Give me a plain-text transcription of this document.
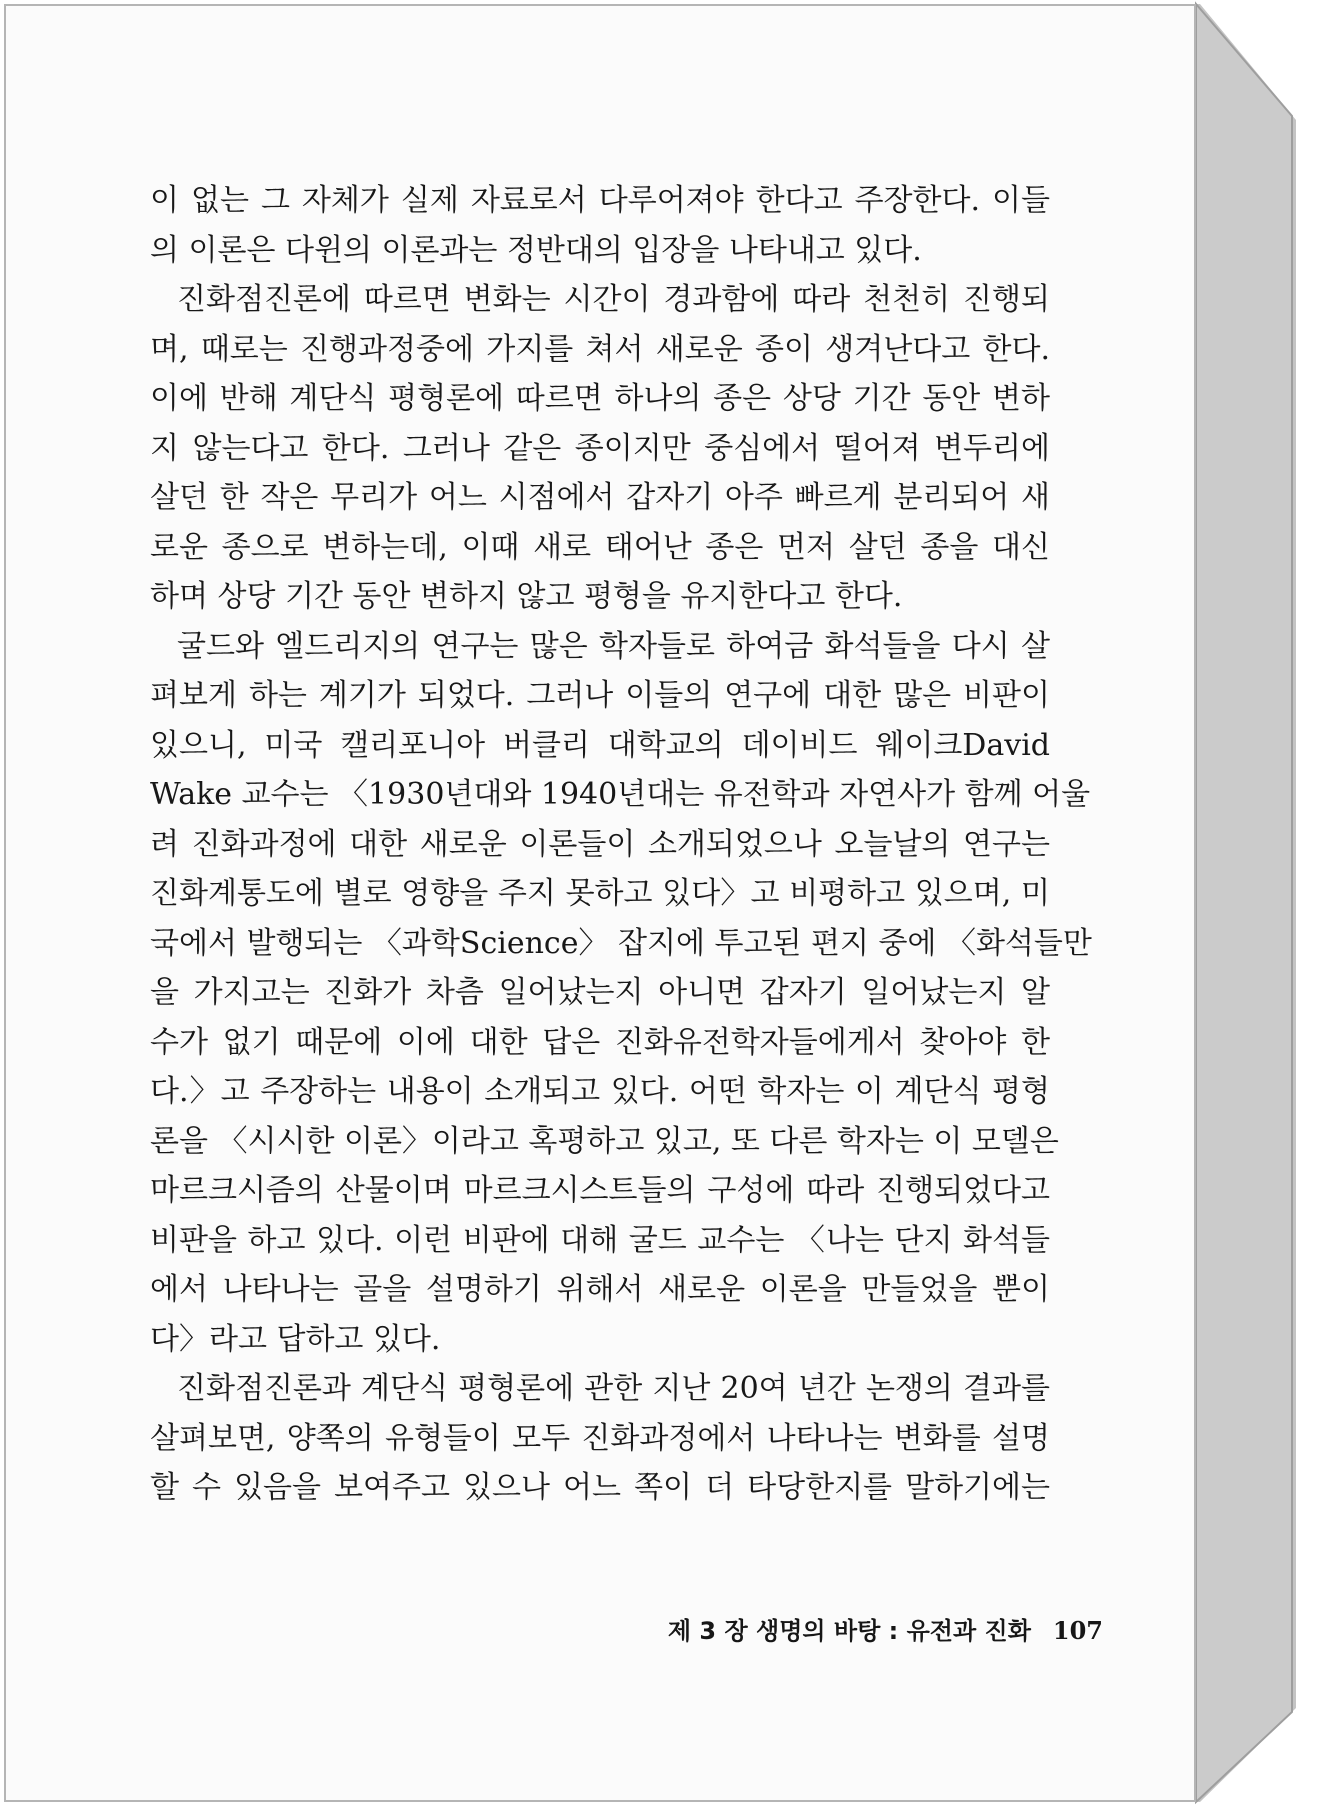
이 없는 그 자체가 실제 자료로서 다루어져야 한다고 주장한다. 이들
의 이론은 다윈의 이론과는 정반대의 입장을 나타내고 있다.
진화점진론에 따르면 변화는 시간이 경과함에 따라 천천히 진행되
며, 때로는 진행과정중에 가지를 쳐서 새로운 종이 생겨난다고 한다.
이에 반해 계단식 평형론에 따르면 하나의 종은 상당 기간 동안 변하
지 않는다고 한다. 그러나 같은 종이지만 중심에서 떨어져 변두리에
살던 한 작은 무리가 어느 시점에서 갑자기 아주 빠르게 분리되어 새
로운 종으로 변하는데, 이때 새로 태어난 종은 먼저 살던 종을 대신
하며 상당 기간 동안 변하지 않고 평형을 유지한다고 한다.
굴드와 엘드리지의 연구는 많은 학자들로 하여금 화석들을 다시 살
펴보게 하는 계기가 되었다. 그러나 이들의 연구에 대한 많은 비판이
있으니, 미국 캘리포니아 버클리 대학교의 데이비드 웨이크David
Wake 교수는 〈1930년대와 1940년대는 유전학과 자연사가 함께 어울
려 진화과정에 대한 새로운 이론들이 소개되었으나 오늘날의 연구는
진화계통도에 별로 영향을 주지 못하고 있다〉고 비평하고 있으며, 미
국에서 발행되는 〈과학Science〉 잡지에 투고된 편지 중에 〈화석들만
을 가지고는 진화가 차츰 일어났는지 아니면 갑자기 일어났는지 알
수가 없기 때문에 이에 대한 답은 진화유전학자들에게서 찾아야 한
다.〉고 주장하는 내용이 소개되고 있다. 어떤 학자는 이 계단식 평형
론을 〈시시한 이론〉이라고 혹평하고 있고, 또 다른 학자는 이 모델은
마르크시즘의 산물이며 마르크시스트들의 구성에 따라 진행되었다고
비판을 하고 있다. 이런 비판에 대해 굴드 교수는 〈나는 단지 화석들
에서 나타나는 골을 설명하기 위해서 새로운 이론을 만들었을 뿐이
다〉라고 답하고 있다.
진화점진론과 계단식 평형론에 관한 지난 20여 년간 논쟁의 결과를
살펴보면, 양쪽의 유형들이 모두 진화과정에서 나타나는 변화를 설명
할 수 있음을 보여주고 있으나 어느 쪽이 더 타당한지를 말하기에는
제 3 장 생명의 바탕 : 유전과 진화 107
